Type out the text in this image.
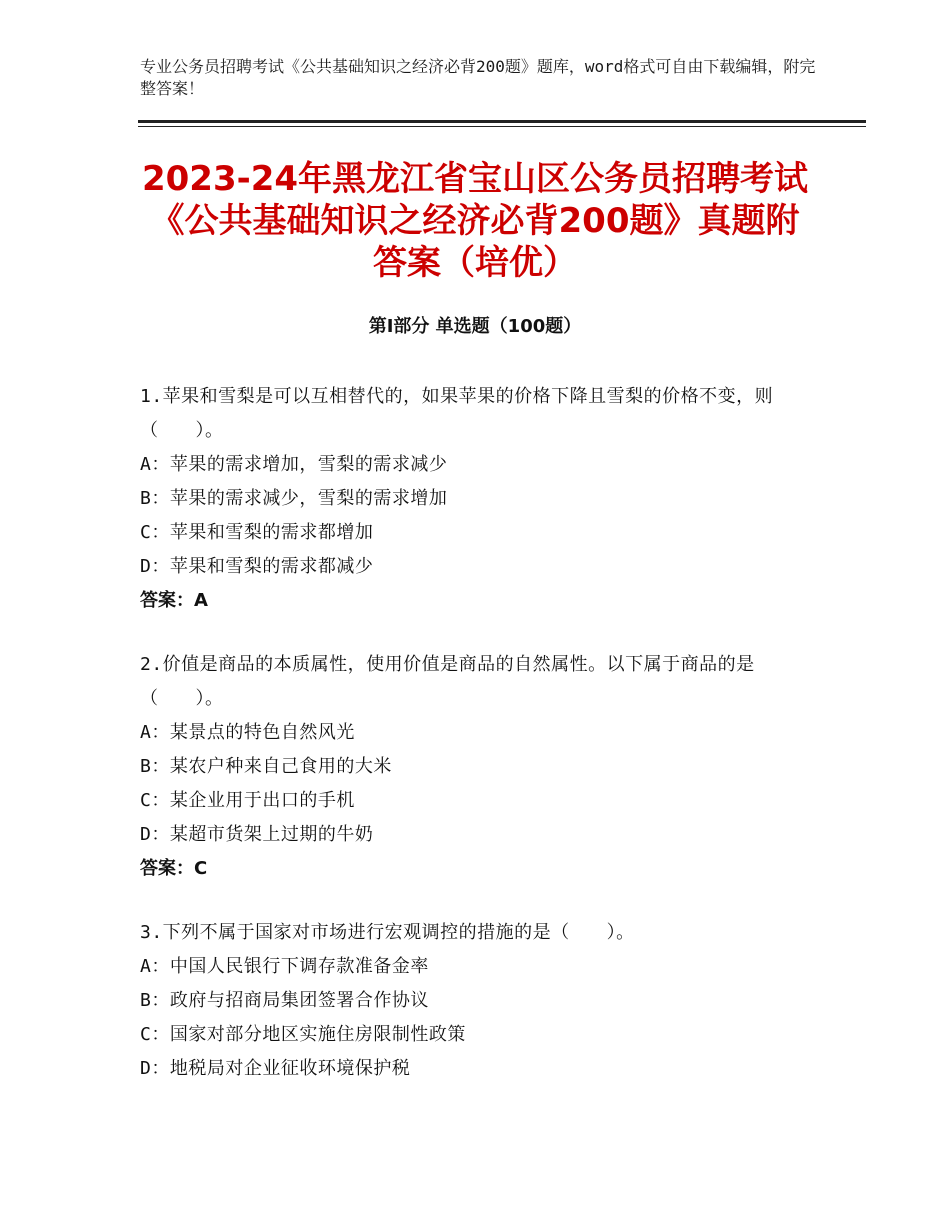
专业公务员招聘考试《公共基础知识之经济必背200题》题库，word格式可自由下载编辑，附完整答案！
2023-24年黑龙江省宝山区公务员招聘考试《公共基础知识之经济必背200题》真题附答案（培优）
第Ⅰ部分 单选题（100题）

1.苹果和雪梨是可以互相替代的，如果苹果的价格下降且雪梨的价格不变，则（　　）。

A：苹果的需求增加，雪梨的需求减少

B：苹果的需求减少，雪梨的需求增加

C：苹果和雪梨的需求都增加

D：苹果和雪梨的需求都减少

答案：A

2.价值是商品的本质属性，使用价值是商品的自然属性。以下属于商品的是（　　）。

A：某景点的特色自然风光

B：某农户种来自己食用的大米

C：某企业用于出口的手机

D：某超市货架上过期的牛奶

答案：C

3.下列不属于国家对市场进行宏观调控的措施的是（　　）。

A：中国人民银行下调存款准备金率

B：政府与招商局集团签署合作协议

C：国家对部分地区实施住房限制性政策

D：地税局对企业征收环境保护税
